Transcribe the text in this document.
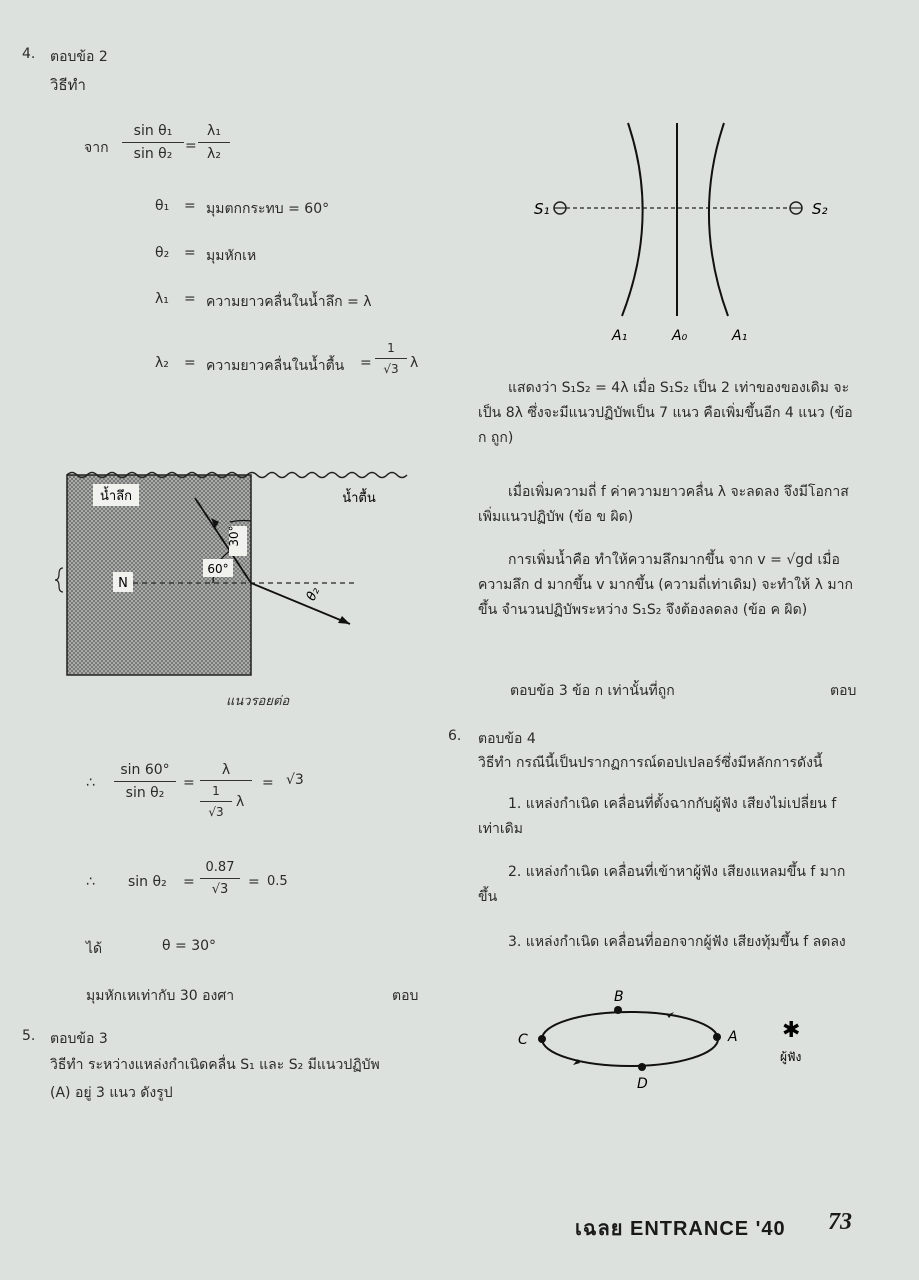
4. ตอบข้อ 2
วิธีทำ
จาก $\frac{\text{sin θ₁}}{\text{sin θ₂}} = \frac{\text{λ₁}}{\text{λ₂}}$
θ₁ = มุมตกกระทบ = 60°
θ₂ = มุมหักเห
λ₁ = ความยาวคลื่นในน้ำลึก = λ
λ₂ = ความยาวคลื่นในน้ำตื้น = $\frac{1}{√3}$ λ
น้ำลึก	น้ำตื้น
N
60°
30°
θ₂
แนวรอยต่อ
∴ $\frac{\sin 60^\circ}{\text{sin θ₂}}$ =
λ
$\frac{1}{√3}$ λ
= √3
∴ $\sin \theta_2 = \frac{0.87}{√3} = 0.5$
ได้	θ = 30°
มุมหักเหเท่ากับ 30 องศา	ตอบ
5. ตอบข้อ 3
วิธีทำ ระหว่างแหล่งกำเนิดคลื่น S₁ และ S₂ มีแนวปฏิบัพ
(A) อยู่ 3 แนว ดังรูป
S₁	S₂
A₁	A₀	A₁
แสดงว่า S₁S₂ = 4λ เมื่อ S₁S₂ เป็น 2 เท่าของของเดิม จะเป็น 8λ ซึ่งจะมีแนวปฏิบัพเป็น 7 แนว คือเพิ่มขึ้นอีก 4 แนว (ข้อ ก ถูก)
เมื่อเพิ่มความถี่ f ค่าความยาวคลื่น λ จะลดลง จึงมีโอกาสเพิ่มแนวปฏิบัพ (ข้อ ข ผิด)
การเพิ่มน้ำคือ ทำให้ความลึกมากขึ้น จาก v = √gd เมื่อความลึก d มากขึ้น v มากขึ้น (ความถี่เท่าเดิม) จะทำให้ λ มากขึ้น จำนวนปฏิบัพระหว่าง S₁S₂ จึงต้องลดลง (ข้อ ค ผิด)
ตอบข้อ 3 ข้อ ก เท่านั้นที่ถูก	ตอบ
6. ตอบข้อ 4
วิธีทำ กรณีนี้เป็นปรากฏการณ์ดอปเปลอร์ซึ่งมีหลักการดังนี้
1. แหล่งกำเนิด เคลื่อนที่ตั้งฉากกับผู้ฟัง เสียงไม่เปลี่ยน f เท่าเดิม
2. แหล่งกำเนิด เคลื่อนที่เข้าหาผู้ฟัง เสียงแหลมขึ้น f มากขึ้น
3. แหล่งกำเนิด เคลื่อนที่ออกจากผู้ฟัง เสียงทุ้มขึ้น f ลดลง
B
C
D
A ✱
ผู้ฟัง
เฉลย ENTRANCE '40 73
